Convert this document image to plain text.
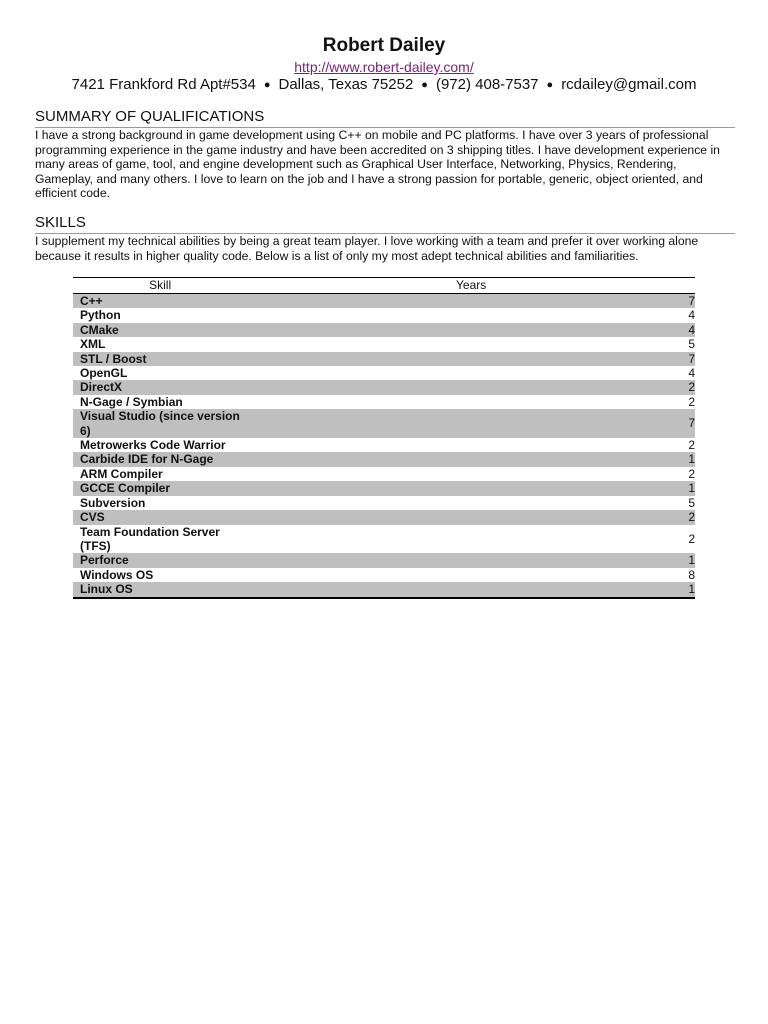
Robert Dailey
http://www.robert-dailey.com/
7421 Frankford Rd Apt#534 ● Dallas, Texas 75252 ● (972) 408-7537 ● rcdailey@gmail.com
SUMMARY OF QUALIFICATIONS
I have a strong background in game development using C++ on mobile and PC platforms. I have over 3 years of professional programming experience in the game industry and have been accredited on 3 shipping titles. I have development experience in many areas of game, tool, and engine development such as Graphical User Interface, Networking, Physics, Rendering, Gameplay, and many others. I love to learn on the job and I have a strong passion for portable, generic, object oriented, and efficient code.
SKILLS
I supplement my technical abilities by being a great team player. I love working with a team and prefer it over working alone because it results in higher quality code. Below is a list of only my most adept technical abilities and familiarities.
Skill	Years
C++	7
Python	4
CMake	4
XML	5
STL / Boost	7
OpenGL	4
DirectX	2
N-Gage / Symbian	2
Visual Studio (since version 6)	7
Metrowerks Code Warrior	2
Carbide IDE for N-Gage	1
ARM Compiler	2
GCCE Compiler	1
Subversion	5
CVS	2
Team Foundation Server (TFS)	2
Perforce	1
Windows OS	8
Linux OS	1
